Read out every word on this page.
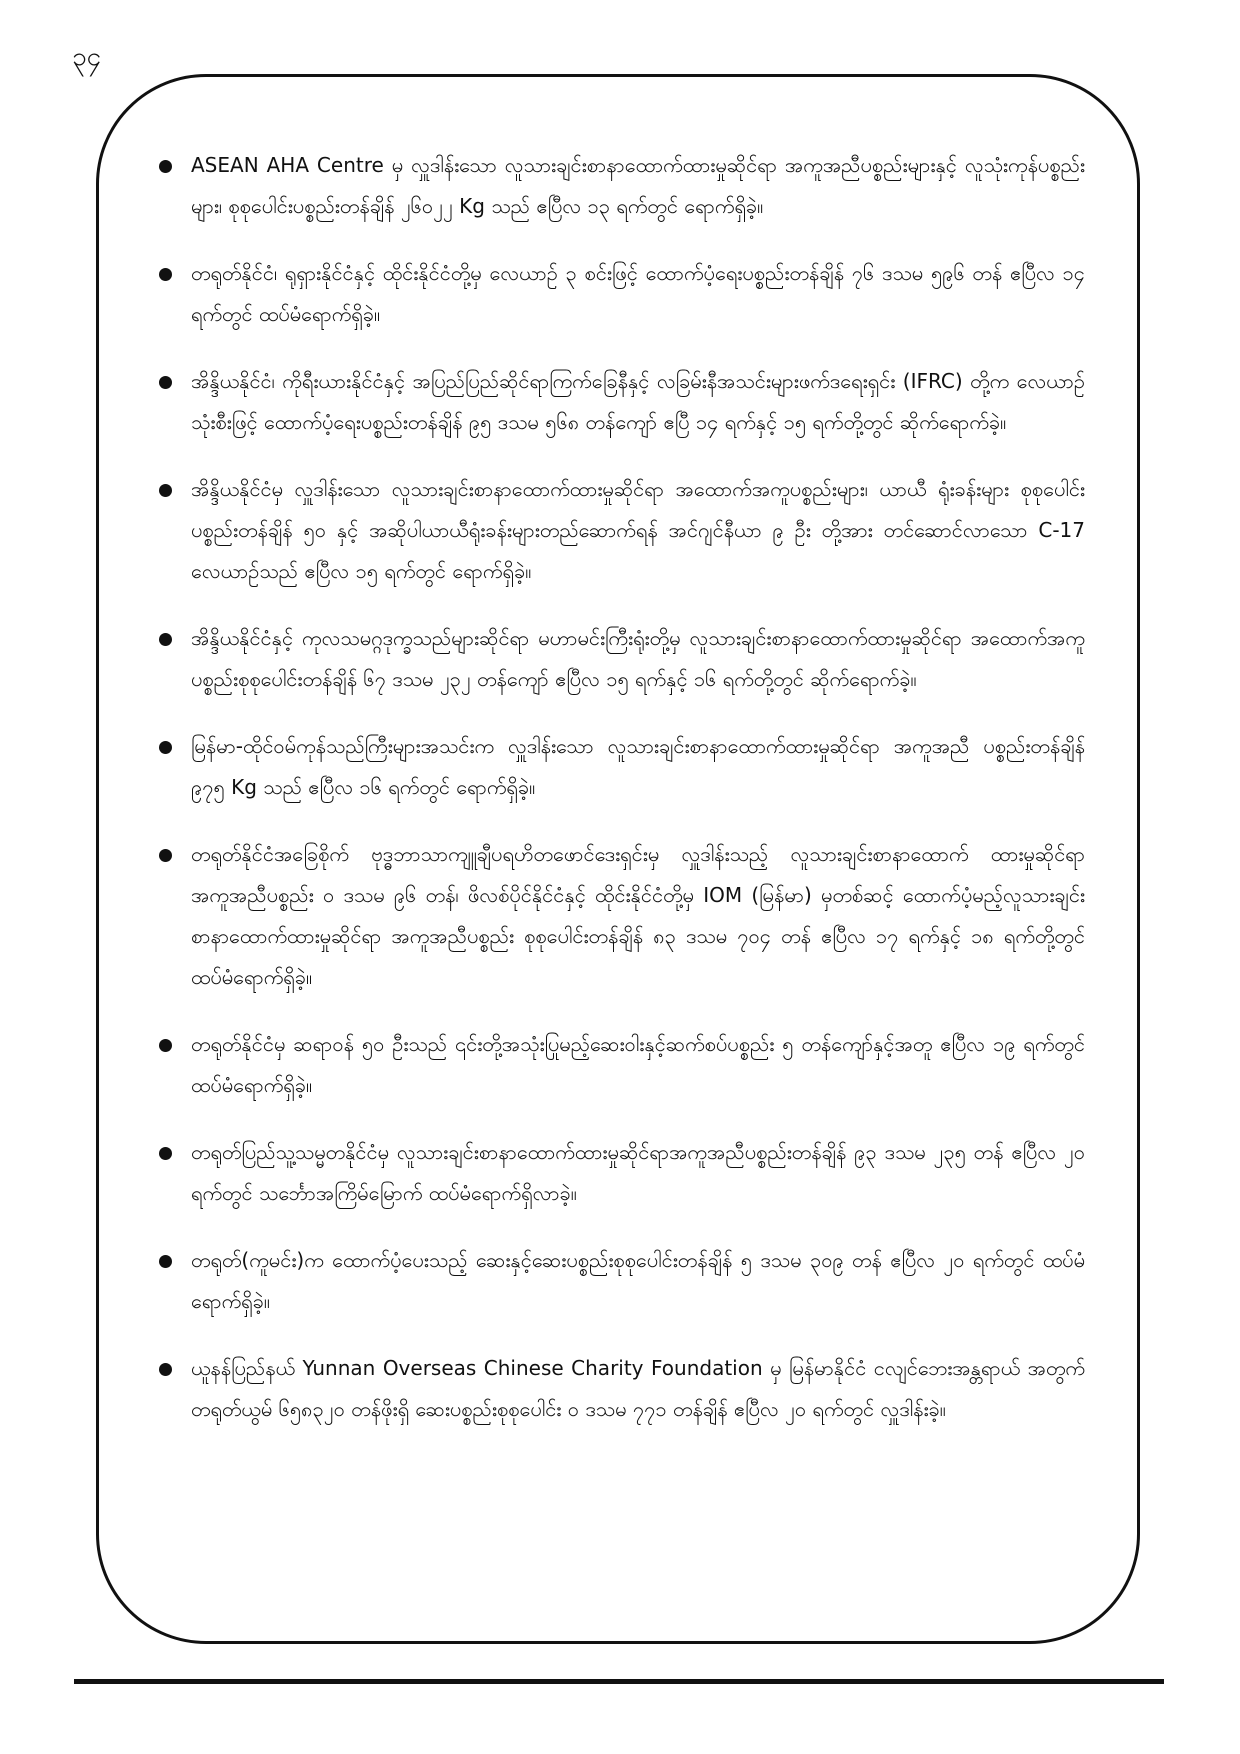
၃၄
ASEAN AHA Centre မှ လှူဒါန်းသော လူသားချင်းစာနာထောက်ထားမှုဆိုင်ရာ အကူအညီပစ္စည်းများနှင့် လူသုံးကုန်ပစ္စည်းများ၊ စုစုပေါင်းပစ္စည်းတန်ချိန် ၂၆၀၂၂ Kg သည် ဧပြီလ ၁၃ ရက်တွင် ရောက်ရှိခဲ့။
တရုတ်နိုင်ငံ၊ ရုရှားနိုင်ငံနှင့် ထိုင်းနိုင်ငံတို့မှ လေယာဉ် ၃ စင်းဖြင့် ထောက်ပံ့ရေးပစ္စည်းတန်ချိန် ၇၆ ဒသမ ၅၉၆ တန် ဧပြီလ ၁၄ ရက်တွင် ထပ်မံရောက်ရှိခဲ့။
အိန္ဒိယနိုင်ငံ၊ ကိုရီးယားနိုင်ငံနှင့် အပြည်ပြည်ဆိုင်ရာကြက်ခြေနီနှင့် လခြမ်းနီအသင်းများဖက်ဒရေးရှင်း (IFRC) တို့က လေယာဉ်သုံးစီးဖြင့် ထောက်ပံ့ရေးပစ္စည်းတန်ချိန် ၉၅ ဒသမ ၅၆၈ တန်ကျော် ဧပြီ ၁၄ ရက်နှင့် ၁၅ ရက်တို့တွင် ဆိုက်ရောက်ခဲ့။
အိန္ဒိယနိုင်ငံမှ လှူဒါန်းသော လူသားချင်းစာနာထောက်ထားမှုဆိုင်ရာ အထောက်အကူပစ္စည်းများ၊ ယာယီ ရုံးခန်းများ စုစုပေါင်းပစ္စည်းတန်ချိန် ၅၀ နှင့် အဆိုပါယာယီရုံးခန်းများတည်ဆောက်ရန် အင်ဂျင်နီယာ ၉ ဦး တို့အား တင်ဆောင်လာသော C-17 လေယာဉ်သည် ဧပြီလ ၁၅ ရက်တွင် ရောက်ရှိခဲ့။
အိန္ဒိယနိုင်ငံနှင့် ကုလသမဂ္ဂဒုက္ခသည်များဆိုင်ရာ မဟာမင်းကြီးရုံးတို့မှ လူသားချင်းစာနာထောက်ထားမှုဆိုင်ရာ အထောက်အကူပစ္စည်းစုစုပေါင်းတန်ချိန် ၆၇ ဒသမ ၂၃၂ တန်ကျော် ဧပြီလ ၁၅ ရက်နှင့် ၁၆ ရက်တို့တွင် ဆိုက်ရောက်ခဲ့။
မြန်မာ-ထိုင်ဝမ်ကုန်သည်ကြီးများအသင်းက လှူဒါန်းသော လူသားချင်းစာနာထောက်ထားမှုဆိုင်ရာ အကူအညီ ပစ္စည်းတန်ချိန် ၉၇၅ Kg သည် ဧပြီလ ၁၆ ရက်တွင် ရောက်ရှိခဲ့။
တရုတ်နိုင်ငံအခြေစိုက် ဗုဒ္ဓဘာသာကျူချီပရဟိတဖောင်ဒေးရှင်းမှ လှူဒါန်းသည့် လူသားချင်းစာနာထောက် ထားမှုဆိုင်ရာ အကူအညီပစ္စည်း ၀ ဒသမ ၉၆ တန်၊ ဖိလစ်ပိုင်နိုင်ငံနှင့် ထိုင်းနိုင်ငံတို့မှ IOM (မြန်မာ) မှတစ်ဆင့် ထောက်ပံ့မည့်လူသားချင်းစာနာထောက်ထားမှုဆိုင်ရာ အကူအညီပစ္စည်း စုစုပေါင်းတန်ချိန် ၈၃ ဒသမ ၇၀၄ တန် ဧပြီလ ၁၇ ရက်နှင့် ၁၈ ရက်တို့တွင် ထပ်မံရောက်ရှိခဲ့။
တရုတ်နိုင်ငံမှ ဆရာဝန် ၅၀ ဦးသည် ၎င်းတို့အသုံးပြုမည့်ဆေးဝါးနှင့်ဆက်စပ်ပစ္စည်း ၅ တန်ကျော်နှင့်အတူ ဧပြီလ ၁၉ ရက်တွင် ထပ်မံရောက်ရှိခဲ့။
တရုတ်ပြည်သူ့သမ္မတနိုင်ငံမှ လူသားချင်းစာနာထောက်ထားမှုဆိုင်ရာအကူအညီပစ္စည်းတန်ချိန် ၉၃ ဒသမ ၂၃၅ တန် ဧပြီလ ၂၀ ရက်တွင် သင်္ဘောအကြိမ်မြောက် ထပ်မံရောက်ရှိလာခဲ့။
တရုတ်(ကူမင်း)က ထောက်ပံ့ပေးသည့် ဆေးနှင့်ဆေးပစ္စည်းစုစုပေါင်းတန်ချိန် ၅ ဒသမ ၃၀၉ တန် ဧပြီလ ၂၀ ရက်တွင် ထပ်မံရောက်ရှိခဲ့။
ယူနန်ပြည်နယ် Yunnan Overseas Chinese Charity Foundation မှ မြန်မာနိုင်ငံ ငလျင်ဘေးအန္တရာယ် အတွက် တရုတ်ယွမ် ၆၅၈၃၂၀ တန်ဖိုးရှိ ဆေးပစ္စည်းစုစုပေါင်း ၀ ဒသမ ၇၇၁ တန်ချိန် ဧပြီလ ၂၀ ရက်တွင် လှူဒါန်းခဲ့။
